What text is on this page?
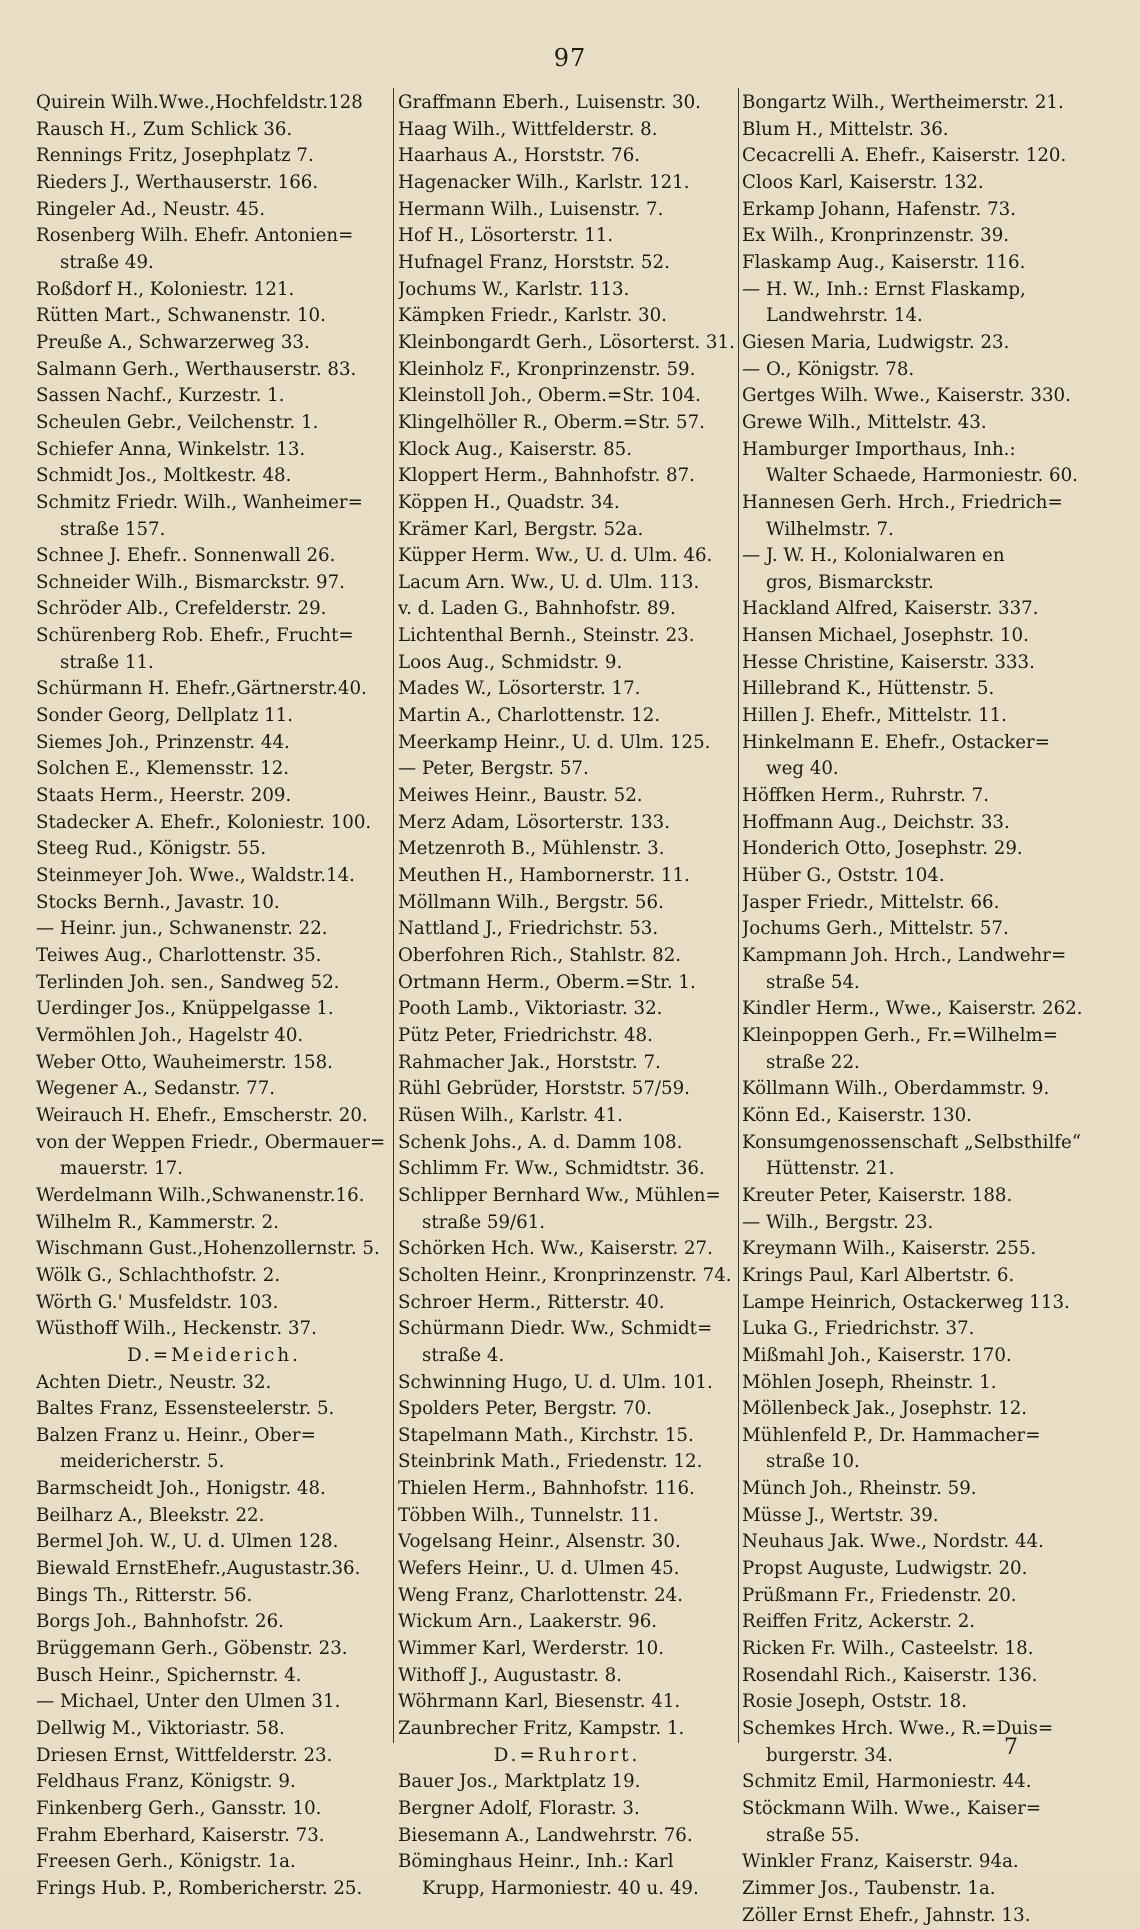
97
Quirein Wilh.Wwe.,Hochfeldstr.128
Rausch H., Zum Schlick 36.
Rennings Fritz, Josephplatz 7.
Rieders J., Werthauserstr. 166.
Ringeler Ad., Neustr. 45.
Rosenberg Wilh. Ehefr. Antonien=
straße 49.
Roßdorf H., Koloniestr. 121.
Rütten Mart., Schwanenstr. 10.
Preuße A., Schwarzerweg 33.
Salmann Gerh., Werthauserstr. 83.
Sassen Nachf., Kurzestr. 1.
Scheulen Gebr., Veilchenstr. 1.
Schiefer Anna, Winkelstr. 13.
Schmidt Jos., Moltkestr. 48.
Schmitz Friedr. Wilh., Wanheimer=
straße 157.
Schnee J. Ehefr.. Sonnenwall 26.
Schneider Wilh., Bismarckstr. 97.
Schröder Alb., Crefelderstr. 29.
Schürenberg Rob. Ehefr., Frucht=
straße 11.
Schürmann H. Ehefr.,Gärtnerstr.40.
Sonder Georg, Dellplatz 11.
Siemes Joh., Prinzenstr. 44.
Solchen E., Klemensstr. 12.
Staats Herm., Heerstr. 209.
Stadecker A. Ehefr., Koloniestr. 100.
Steeg Rud., Königstr. 55.
Steinmeyer Joh. Wwe., Waldstr.14.
Stocks Bernh., Javastr. 10.
— Heinr. jun., Schwanenstr. 22.
Teiwes Aug., Charlottenstr. 35.
Terlinden Joh. sen., Sandweg 52.
Uerdinger Jos., Knüppelgasse 1.
Vermöhlen Joh., Hagelstr 40.
Weber Otto, Wauheimerstr. 158.
Wegener A., Sedanstr. 77.
Weirauch H. Ehefr., Emscherstr. 20.
von der Weppen Friedr., Obermauer=
mauerstr. 17.
Werdelmann Wilh.,Schwanenstr.16.
Wilhelm R., Kammerstr. 2.
Wischmann Gust.,Hohenzollernstr. 5.
Wölk G., Schlachthofstr. 2.
Wörth G.' Musfeldstr. 103.
Wüsthoff Wilh., Heckenstr. 37.
D.=Meiderich.
Achten Dietr., Neustr. 32.
Baltes Franz, Essensteelerstr. 5.
Balzen Franz u. Heinr., Ober=
meidericherstr. 5.
Barmscheidt Joh., Honigstr. 48.
Beilharz A., Bleekstr. 22.
Bermel Joh. W., U. d. Ulmen 128.
Biewald ErnstEhefr.,Augustastr.36.
Bings Th., Ritterstr. 56.
Borgs Joh., Bahnhofstr. 26.
Brüggemann Gerh., Göbenstr. 23.
Busch Heinr., Spichernstr. 4.
— Michael, Unter den Ulmen 31.
Dellwig M., Viktoriastr. 58.
Driesen Ernst, Wittfelderstr. 23.
Feldhaus Franz, Königstr. 9.
Finkenberg Gerh., Gansstr. 10.
Frahm Eberhard, Kaiserstr. 73.
Freesen Gerh., Königstr. 1a.
Frings Hub. P., Rombericherstr. 25.
Graffmann Eberh., Luisenstr. 30.
Haag Wilh., Wittfelderstr. 8.
Haarhaus A., Horststr. 76.
Hagenacker Wilh., Karlstr. 121.
Hermann Wilh., Luisenstr. 7.
Hof H., Lösorterstr. 11.
Hufnagel Franz, Horststr. 52.
Jochums W., Karlstr. 113.
Kämpken Friedr., Karlstr. 30.
Kleinbongardt Gerh., Lösorterst. 31.
Kleinholz F., Kronprinzenstr. 59.
Kleinstoll Joh., Oberm.=Str. 104.
Klingelhöller R., Oberm.=Str. 57.
Klock Aug., Kaiserstr. 85.
Kloppert Herm., Bahnhofstr. 87.
Köppen H., Quadstr. 34.
Krämer Karl, Bergstr. 52a.
Küpper Herm. Ww., U. d. Ulm. 46.
Lacum Arn. Ww., U. d. Ulm. 113.
v. d. Laden G., Bahnhofstr. 89.
Lichtenthal Bernh., Steinstr. 23.
Loos Aug., Schmidstr. 9.
Mades W., Lösorterstr. 17.
Martin A., Charlottenstr. 12.
Meerkamp Heinr., U. d. Ulm. 125.
— Peter, Bergstr. 57.
Meiwes Heinr., Baustr. 52.
Merz Adam, Lösorterstr. 133.
Metzenroth B., Mühlenstr. 3.
Meuthen H., Hambornerstr. 11.
Möllmann Wilh., Bergstr. 56.
Nattland J., Friedrichstr. 53.
Oberfohren Rich., Stahlstr. 82.
Ortmann Herm., Oberm.=Str. 1.
Pooth Lamb., Viktoriastr. 32.
Pütz Peter, Friedrichstr. 48.
Rahmacher Jak., Horststr. 7.
Rühl Gebrüder, Horststr. 57/59.
Rüsen Wilh., Karlstr. 41.
Schenk Johs., A. d. Damm 108.
Schlimm Fr. Ww., Schmidtstr. 36.
Schlipper Bernhard Ww., Mühlen=
straße 59/61.
Schörken Hch. Ww., Kaiserstr. 27.
Scholten Heinr., Kronprinzenstr. 74.
Schroer Herm., Ritterstr. 40.
Schürmann Diedr. Ww., Schmidt=
straße 4.
Schwinning Hugo, U. d. Ulm. 101.
Spolders Peter, Bergstr. 70.
Stapelmann Math., Kirchstr. 15.
Steinbrink Math., Friedenstr. 12.
Thielen Herm., Bahnhofstr. 116.
Többen Wilh., Tunnelstr. 11.
Vogelsang Heinr., Alsenstr. 30.
Wefers Heinr., U. d. Ulmen 45.
Weng Franz, Charlottenstr. 24.
Wickum Arn., Laakerstr. 96.
Wimmer Karl, Werderstr. 10.
Withoff J., Augustastr. 8.
Wöhrmann Karl, Biesenstr. 41.
Zaunbrecher Fritz, Kampstr. 1.
D.=Ruhrort.
Bauer Jos., Marktplatz 19.
Bergner Adolf, Florastr. 3.
Biesemann A., Landwehrstr. 76.
Böminghaus Heinr., Inh.: Karl
Krupp, Harmoniestr. 40 u. 49.
Bongartz Wilh., Wertheimerstr. 21.
Blum H., Mittelstr. 36.
Cecacrelli A. Ehefr., Kaiserstr. 120.
Cloos Karl, Kaiserstr. 132.
Erkamp Johann, Hafenstr. 73.
Ex Wilh., Kronprinzenstr. 39.
Flaskamp Aug., Kaiserstr. 116.
— H. W., Inh.: Ernst Flaskamp,
Landwehrstr. 14.
Giesen Maria, Ludwigstr. 23.
— O., Königstr. 78.
Gertges Wilh. Wwe., Kaiserstr. 330.
Grewe Wilh., Mittelstr. 43.
Hamburger Importhaus, Inh.:
Walter Schaede, Harmoniestr. 60.
Hannesen Gerh. Hrch., Friedrich=
Wilhelmstr. 7.
— J. W. H., Kolonialwaren en
gros, Bismarckstr.
Hackland Alfred, Kaiserstr. 337.
Hansen Michael, Josephstr. 10.
Hesse Christine, Kaiserstr. 333.
Hillebrand K., Hüttenstr. 5.
Hillen J. Ehefr., Mittelstr. 11.
Hinkelmann E. Ehefr., Ostacker=
weg 40.
Höffken Herm., Ruhrstr. 7.
Hoffmann Aug., Deichstr. 33.
Honderich Otto, Josephstr. 29.
Hüber G., Oststr. 104.
Jasper Friedr., Mittelstr. 66.
Jochums Gerh., Mittelstr. 57.
Kampmann Joh. Hrch., Landwehr=
straße 54.
Kindler Herm., Wwe., Kaiserstr. 262.
Kleinpoppen Gerh., Fr.=Wilhelm=
straße 22.
Köllmann Wilh., Oberdammstr. 9.
Könn Ed., Kaiserstr. 130.
Konsumgenossenschaft „Selbsthilfe“
Hüttenstr. 21.
Kreuter Peter, Kaiserstr. 188.
— Wilh., Bergstr. 23.
Kreymann Wilh., Kaiserstr. 255.
Krings Paul, Karl Albertstr. 6.
Lampe Heinrich, Ostackerweg 113.
Luka G., Friedrichstr. 37.
Mißmahl Joh., Kaiserstr. 170.
Möhlen Joseph, Rheinstr. 1.
Möllenbeck Jak., Josephstr. 12.
Mühlenfeld P., Dr. Hammacher=
straße 10.
Münch Joh., Rheinstr. 59.
Müsse J., Wertstr. 39.
Neuhaus Jak. Wwe., Nordstr. 44.
Propst Auguste, Ludwigstr. 20.
Prüßmann Fr., Friedenstr. 20.
Reiffen Fritz, Ackerstr. 2.
Ricken Fr. Wilh., Casteelstr. 18.
Rosendahl Rich., Kaiserstr. 136.
Rosie Joseph, Oststr. 18.
Schemkes Hrch. Wwe., R.=Duis=
burgerstr. 34.
Schmitz Emil, Harmoniestr. 44.
Stöckmann Wilh. Wwe., Kaiser=
straße 55.
Winkler Franz, Kaiserstr. 94a.
Zimmer Jos., Taubenstr. 1a.
Zöller Ernst Ehefr., Jahnstr. 13.
7
